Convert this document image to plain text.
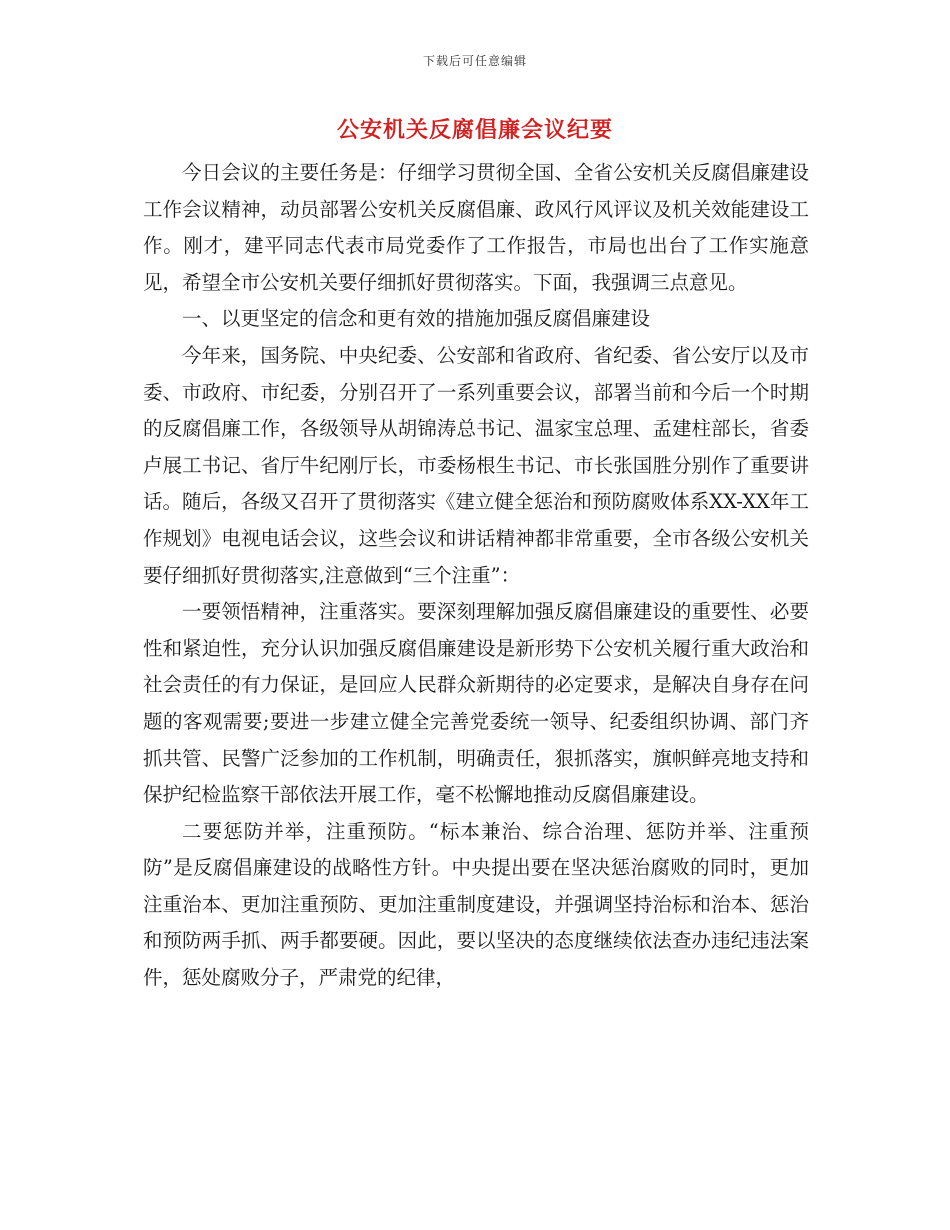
下载后可任意编辑
公安机关反腐倡廉会议纪要

今日会议的主要任务是：仔细学习贯彻全国、全省公安机关反腐倡廉建设工作会议精神，动员部署公安机关反腐倡廉、政风行风评议及机关效能建设工作。刚才，建平同志代表市局党委作了工作报告，市局也出台了工作实施意见，希望全市公安机关要仔细抓好贯彻落实。下面，我强调三点意见。

一、以更坚定的信念和更有效的措施加强反腐倡廉建设

今年来，国务院、中央纪委、公安部和省政府、省纪委、省公安厅以及市委、市政府、市纪委，分别召开了一系列重要会议，部署当前和今后一个时期的反腐倡廉工作，各级领导从胡锦涛总书记、温家宝总理、孟建柱部长，省委卢展工书记、省厅牛纪刚厅长，市委杨根生书记、市长张国胜分别作了重要讲话。随后，各级又召开了贯彻落实《建立健全惩治和预防腐败体系XX-XX年工作规划》电视电话会议，这些会议和讲话精神都非常重要，全市各级公安机关要仔细抓好贯彻落实,注意做到“三个注重”：

一要领悟精神，注重落实。要深刻理解加强反腐倡廉建设的重要性、必要性和紧迫性，充分认识加强反腐倡廉建设是新形势下公安机关履行重大政治和社会责任的有力保证，是回应人民群众新期待的必定要求，是解决自身存在问题的客观需要;要进一步建立健全完善党委统一领导、纪委组织协调、部门齐抓共管、民警广泛参加的工作机制，明确责任，狠抓落实，旗帜鲜亮地支持和保护纪检监察干部依法开展工作，毫不松懈地推动反腐倡廉建设。

二要惩防并举，注重预防。“标本兼治、综合治理、惩防并举、注重预防”是反腐倡廉建设的战略性方针。中央提出要在坚决惩治腐败的同时，更加注重治本、更加注重预防、更加注重制度建设，并强调坚持治标和治本、惩治和预防两手抓、两手都要硬。因此，要以坚决的态度继续依法查办违纪违法案件，惩处腐败分子，严肃党的纪律，
